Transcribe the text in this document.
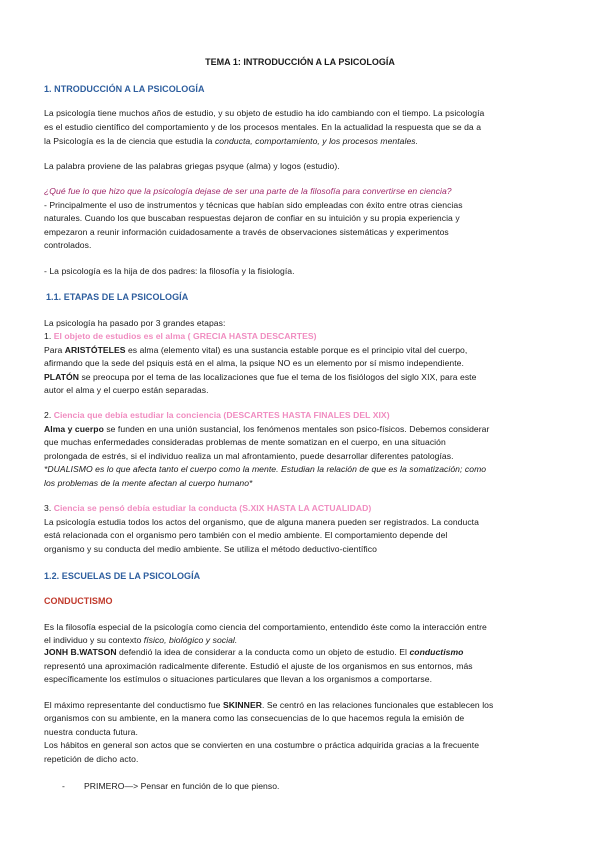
TEMA 1: INTRODUCCIÓN A LA PSICOLOGÍA
1. NTRODUCCIÓN A LA PSICOLOGÍA
La psicología tiene muchos años de estudio, y su objeto de estudio ha ido cambiando con el tiempo. La psicología
es el estudio científico del comportamiento y de los procesos mentales. En la actualidad la respuesta que se da a
la Psicología es la de ciencia que estudia la conducta, comportamiento, y los procesos mentales.
La palabra proviene de las palabras griegas psyque (alma) y logos (estudio).
¿Qué fue lo que hizo que la psicología dejase de ser una parte de la filosofía para convertirse en ciencia?
- Principalmente el uso de instrumentos y técnicas que habían sido empleadas con éxito entre otras ciencias
naturales. Cuando los que buscaban respuestas dejaron de confiar en su intuición y su propia experiencia y
empezaron a reunir información cuidadosamente a través de observaciones sistemáticas y experimentos
controlados.
- La psicología es la hija de dos padres: la filosofía y la fisiología.
1.1. ETAPAS DE LA PSICOLOGÍA
La psicología ha pasado por 3 grandes etapas:
1. El objeto de estudios es el alma ( GRECIA HASTA DESCARTES)
Para ARISTÓTELES es alma (elemento vital) es una sustancia estable porque es el principio vital del cuerpo,
afirmando que la sede del psiquis está en el alma, la psique NO es un elemento por sí mismo independiente.
PLATÓN se preocupa por el tema de las localizaciones que fue el tema de los fisiólogos del siglo XIX, para este
autor el alma y el cuerpo están separadas.
2. Ciencia que debía estudiar la conciencia (DESCARTES HASTA FINALES DEL XIX)
Alma y cuerpo se funden en una unión sustancial, los fenómenos mentales son psico-físicos. Debemos considerar
que muchas enfermedades consideradas problemas de mente somatizan en el cuerpo, en una situación
prolongada de estrés, si el individuo realiza un mal afrontamiento, puede desarrollar diferentes patologías.
*DUALISMO es lo que afecta tanto el cuerpo como la mente. Estudian la relación de que es la somatización; como
los problemas de la mente afectan al cuerpo humano*
3. Ciencia se pensó debía estudiar la conducta (S.XIX HASTA LA ACTUALIDAD)
La psicología estudia todos los actos del organismo, que de alguna manera pueden ser registrados. La conducta
está relacionada con el organismo pero también con el medio ambiente. El comportamiento depende del
organismo y su conducta del medio ambiente. Se utiliza el método deductivo-científico
1.2. ESCUELAS DE LA PSICOLOGÍA
CONDUCTISMO
Es la filosofía especial de la psicología como ciencia del comportamiento, entendido éste como la interacción entre
el individuo y su contexto físico, biológico y social.
JONH B.WATSON defendió la idea de considerar a la conducta como un objeto de estudio. El conductismo
representó una aproximación radicalmente diferente. Estudió el ajuste de los organismos en sus entornos, más
específicamente los estímulos o situaciones particulares que llevan a los organismos a comportarse.
El máximo representante del conductismo fue SKINNER. Se centró en las relaciones funcionales que establecen los
organismos con su ambiente, en la manera como las consecuencias de lo que hacemos regula la emisión de
nuestra conducta futura.
Los hábitos en general son actos que se convierten en una costumbre o práctica adquirida gracias a la frecuente
repetición de dicho acto.
- PRIMERO—> Pensar en función de lo que pienso.
